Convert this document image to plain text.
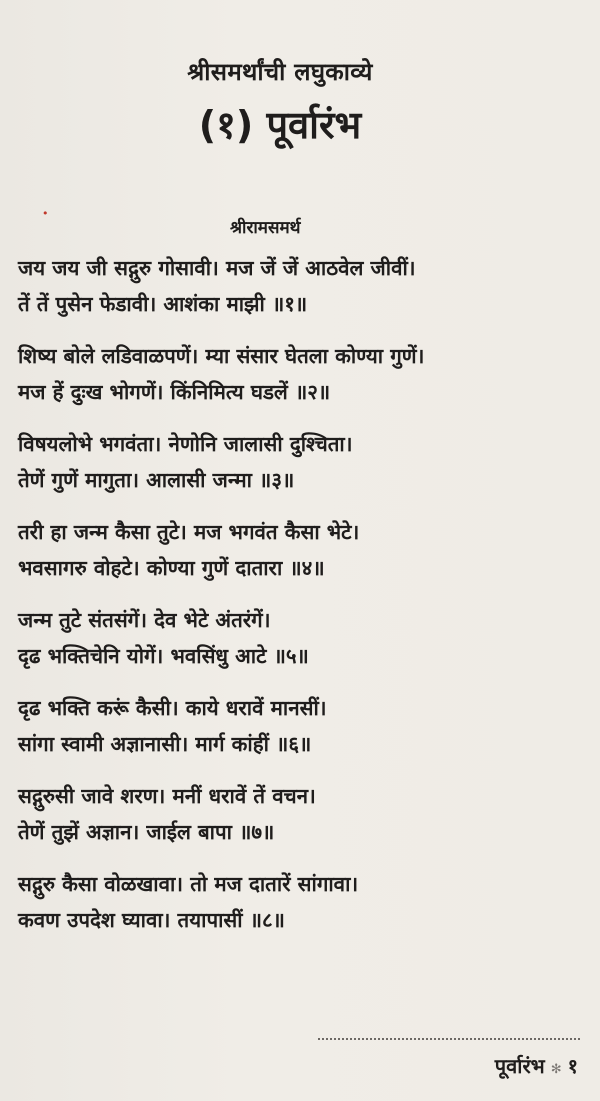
श्रीसमर्थांची लघुकाव्ये
(१) पूर्वारंभ
•
श्रीरामसमर्थ
जय जय जी सद्गुरु गोसावी। मज जें जें आठवेल जीवीं।
तें तें पुसेन फेडावी। आशंका माझी ॥१॥
शिष्य बोले लडिवाळपणें। म्या संसार घेतला कोण्या गुणें।
मज हें दुःख भोगणें। किंनिमित्य घडलें ॥२॥
विषयलोभे भगवंता। नेणोनि जालासी दुश्चिता।
तेणें गुणें मागुता। आलासी जन्मा ॥३॥
तरी हा जन्म कैसा तुटे। मज भगवंत कैसा भेटे।
भवसागरु वोहटे। कोण्या गुणें दातारा ॥४॥
जन्म तुटे संतसंगें। देव भेटे अंतरंगें।
दृढ भक्तिचेनि योगें। भवसिंधु आटे ॥५॥
दृढ भक्ति करूं कैसी। काये धरावें मानसीं।
सांगा स्वामी अज्ञानासी। मार्ग कांहीं ॥६॥
सद्गुरुसी जावे शरण। मनीं धरावें तें वचन।
तेणें तुझें अज्ञान। जाईल बापा ॥७॥
सद्गुरु कैसा वोळखावा। तो मज दातारें सांगावा।
कवण उपदेश घ्यावा। तयापासीं ॥८॥
पूर्वारंभ ✻ १
